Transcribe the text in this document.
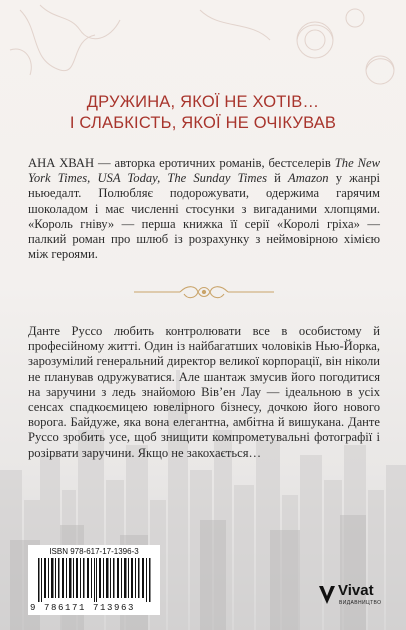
ДРУЖИНА, ЯКОЇ НЕ ХОТІВ…
І СЛАБКІСТЬ, ЯКОЇ НЕ ОЧІКУВАВ
АНА ХВАН — авторка еротичних романів, бестселерів The New York Times, USA Today, The Sunday Times й Amazon у жанрі ньюедалт. Полюбляє подорожувати, одержима гарячим шоколадом і має численні стосунки з вигаданими хлопцями. «Король гніву» — перша книжка її серії «Королі гріха» — палкий роман про шлюб із розрахунку з неймовірною хімією між героями.
Данте Руссо любить контролювати все в особистому й професійному житті. Один із найбагатших чоловіків Нью-Йорка, зарозумілий генеральний директор великої корпорації, він ніколи не планував одружуватися. Але шантаж змусив його погодитися на заручини з ледь знайомою Вів’ен Лау — ідеальною в усіх сенсах спадкоємицею ювелірного бізнесу, дочкою його нового ворога. Байдуже, яка вона елегантна, амбітна й вишукана. Данте Руссо зробить усе, щоб знищити компрометувальні фотографії і розірвати заручини. Якщо не закохається…
ISBN 978-617-17-1396-3
9 786171 713963
Vivat
ВИДАВНИЦТВО
